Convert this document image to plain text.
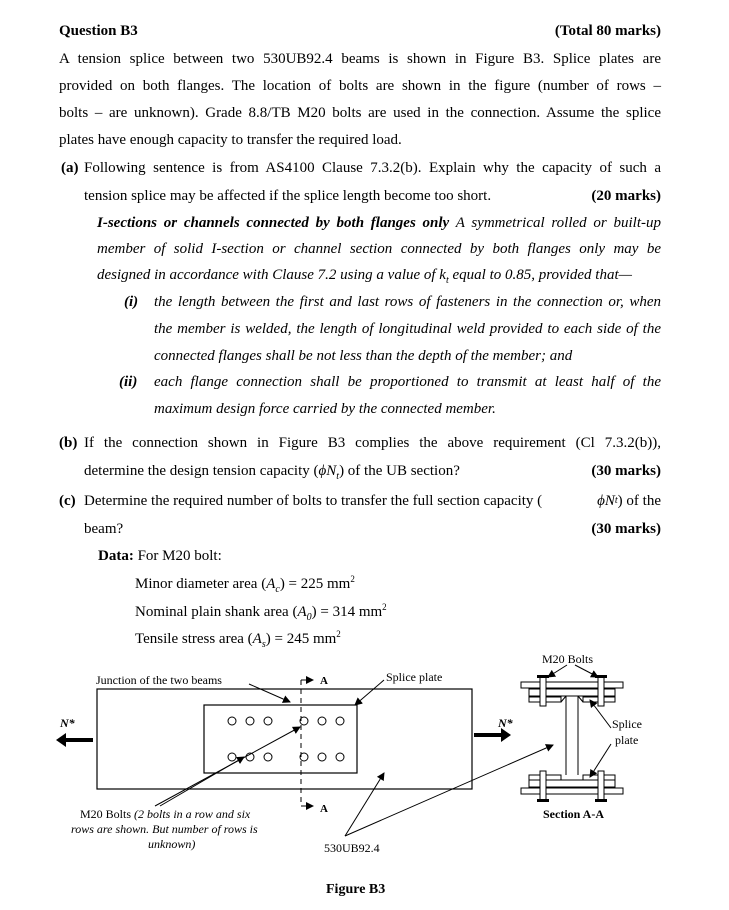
Question B3	(Total 80 marks)
A tension splice between two 530UB92.4 beams is shown in Figure B3. Splice plates are
provided on both flanges. The location of bolts are shown in the figure (number of rows –
bolts – are unknown). Grade 8.8/TB M20 bolts are used in the connection. Assume the splice
plates have enough capacity to transfer the required load.
(a) Following sentence is from AS4100 Clause 7.3.2(b). Explain why the capacity of such a
tension splice may be affected if the splice length become too short.	(20 marks)
I-sections or channels connected by both flanges only A symmetrical rolled or built-up
member of solid I-section or channel section connected by both flanges only may be
designed in accordance with Clause 7.2 using a value of $k_t$ equal to 0.85, provided that—
(i) the length between the first and last rows of fasteners in the connection or, when
the member is welded, the length of longitudinal weld provided to each side of the
connected flanges shall be not less than the depth of the member; and
(ii) each flange connection shall be proportioned to transmit at least half of the
maximum design force carried by the connected member.
(b) If the connection shown in Figure B3 complies the above requirement (Cl 7.3.2(b)),
determine the design tension capacity $(\phi N_t)$ of the UB section?	(30 marks)
(c) Determine the required number of bolts to transfer the full section capacity (	ϕN t ) of the
beam?	(30 marks)
Data: For M20 bolt:
Minor diameter area $(A_c) = 225$ $mm^2$
Nominal plain shank area $(A_0) = 314$ $mm^2$
Tensile stress area $(A_s) = 245$ $mm^2$
Junction of the two beams	A
A
Splice plate
N*	N*
M20 Bolts (2 bolts in a row and six
rows are shown. But number of rows is
unknown)	530UB92.4
M20 Bolts
Splice
plate
Section A-A
Figure B3
